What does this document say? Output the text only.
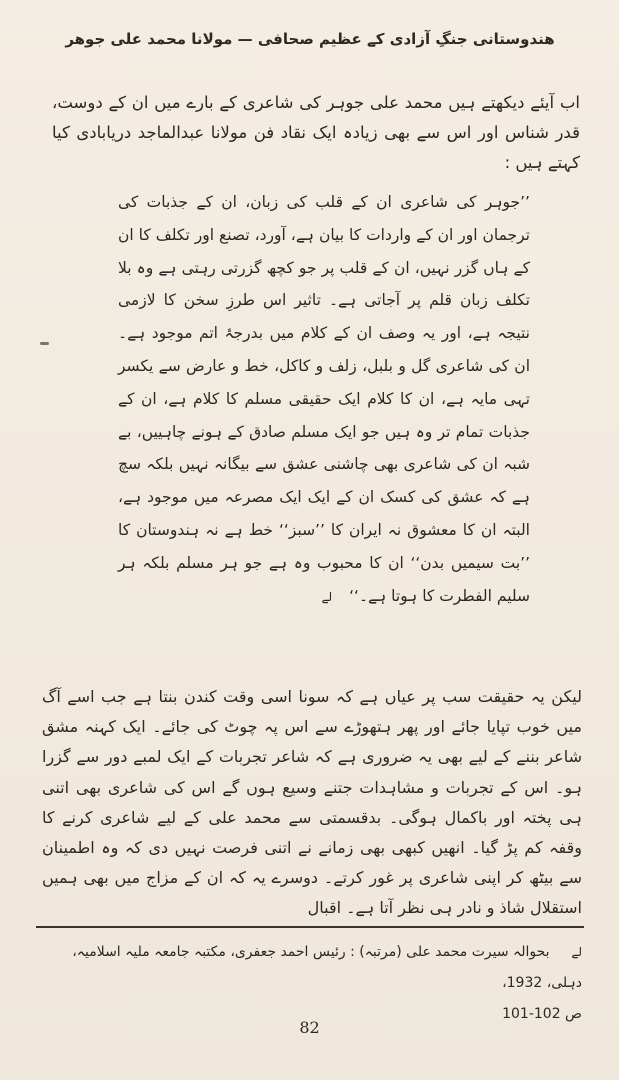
ھندوستانی جنگِ آزادی کے عظیم صحافی — مولانا محمد علی جوھر
اب آیئے دیکھتے ہیں محمد علی جوہر کی شاعری کے بارے میں ان کے دوست، قدر شناس اور اس سے بھی زیادہ ایک نقاد فن مولانا عبدالماجد دریابادی کیا کہتے ہیں :
’’جوہر کی شاعری ان کے قلب کی زبان، ان کے جذبات کی ترجمان اور ان کے واردات کا بیان ہے، آورد، تصنع اور تکلف کا ان کے ہاں گزر نہیں، ان کے قلب پر جو کچھ گزرتی رہتی ہے وہ بلا تکلف زبان قلم پر آجاتی ہے۔ تاثیر اس طرزِ سخن کا لازمی نتیجہ ہے، اور یہ وصف ان کے کلام میں بدرجۂ اتم موجود ہے۔ ان کی شاعری گل و بلبل، زلف و کاکل، خط و عارض سے یکسر تہی مایہ ہے، ان کا کلام ایک حقیقی مسلم کا کلام ہے، ان کے جذبات تمام تر وہ ہیں جو ایک مسلم صادق کے ہونے چاہییں، بے شبہ ان کی شاعری بھی چاشنی عشق سے بیگانہ نہیں بلکہ سچ ہے کہ عشق کی کسک ان کے ایک ایک مصرعہ میں موجود ہے، البتہ ان کا معشوق نہ ایران کا ’’سبز‘‘ خط ہے نہ ہندوستان کا ’’بت سیمیں بدن‘‘ ان کا محبوب وہ ہے جو ہر مسلم بلکہ ہر سلیم الفطرت کا ہوتا ہے۔‘‘ لے
لیکن یہ حقیقت سب پر عیاں ہے کہ سونا اسی وقت کندن بنتا ہے جب اسے آگ میں خوب تپایا جائے اور پھر ہتھوڑے سے اس پہ چوٹ کی جائے۔ ایک کہنہ مشق شاعر بننے کے لیے بھی یہ ضروری ہے کہ شاعر تجربات کے ایک لمبے دور سے گزرا ہو۔ اس کے تجربات و مشاہدات جتنے وسیع ہوں گے اس کی شاعری بھی اتنی ہی پختہ اور باکمال ہوگی۔ بدقسمتی سے محمد علی کے لیے شاعری کرنے کا وقفہ کم پڑ گیا۔ انھیں کبھی بھی زمانے نے اتنی فرصت نہیں دی کہ وہ اطمینان سے بیٹھ کر اپنی شاعری پر غور کرتے۔ دوسرے یہ کہ ان کے مزاج میں بھی ہمیں استقلال شاذ و نادر ہی نظر آتا ہے۔ اقبال
لے بحوالہ سیرت محمد علی (مرتبہ) : رئیس احمد جعفری، مکتبہ جامعہ ملیہ اسلامیہ، دہلی، 1932،
ص 102-101
82
